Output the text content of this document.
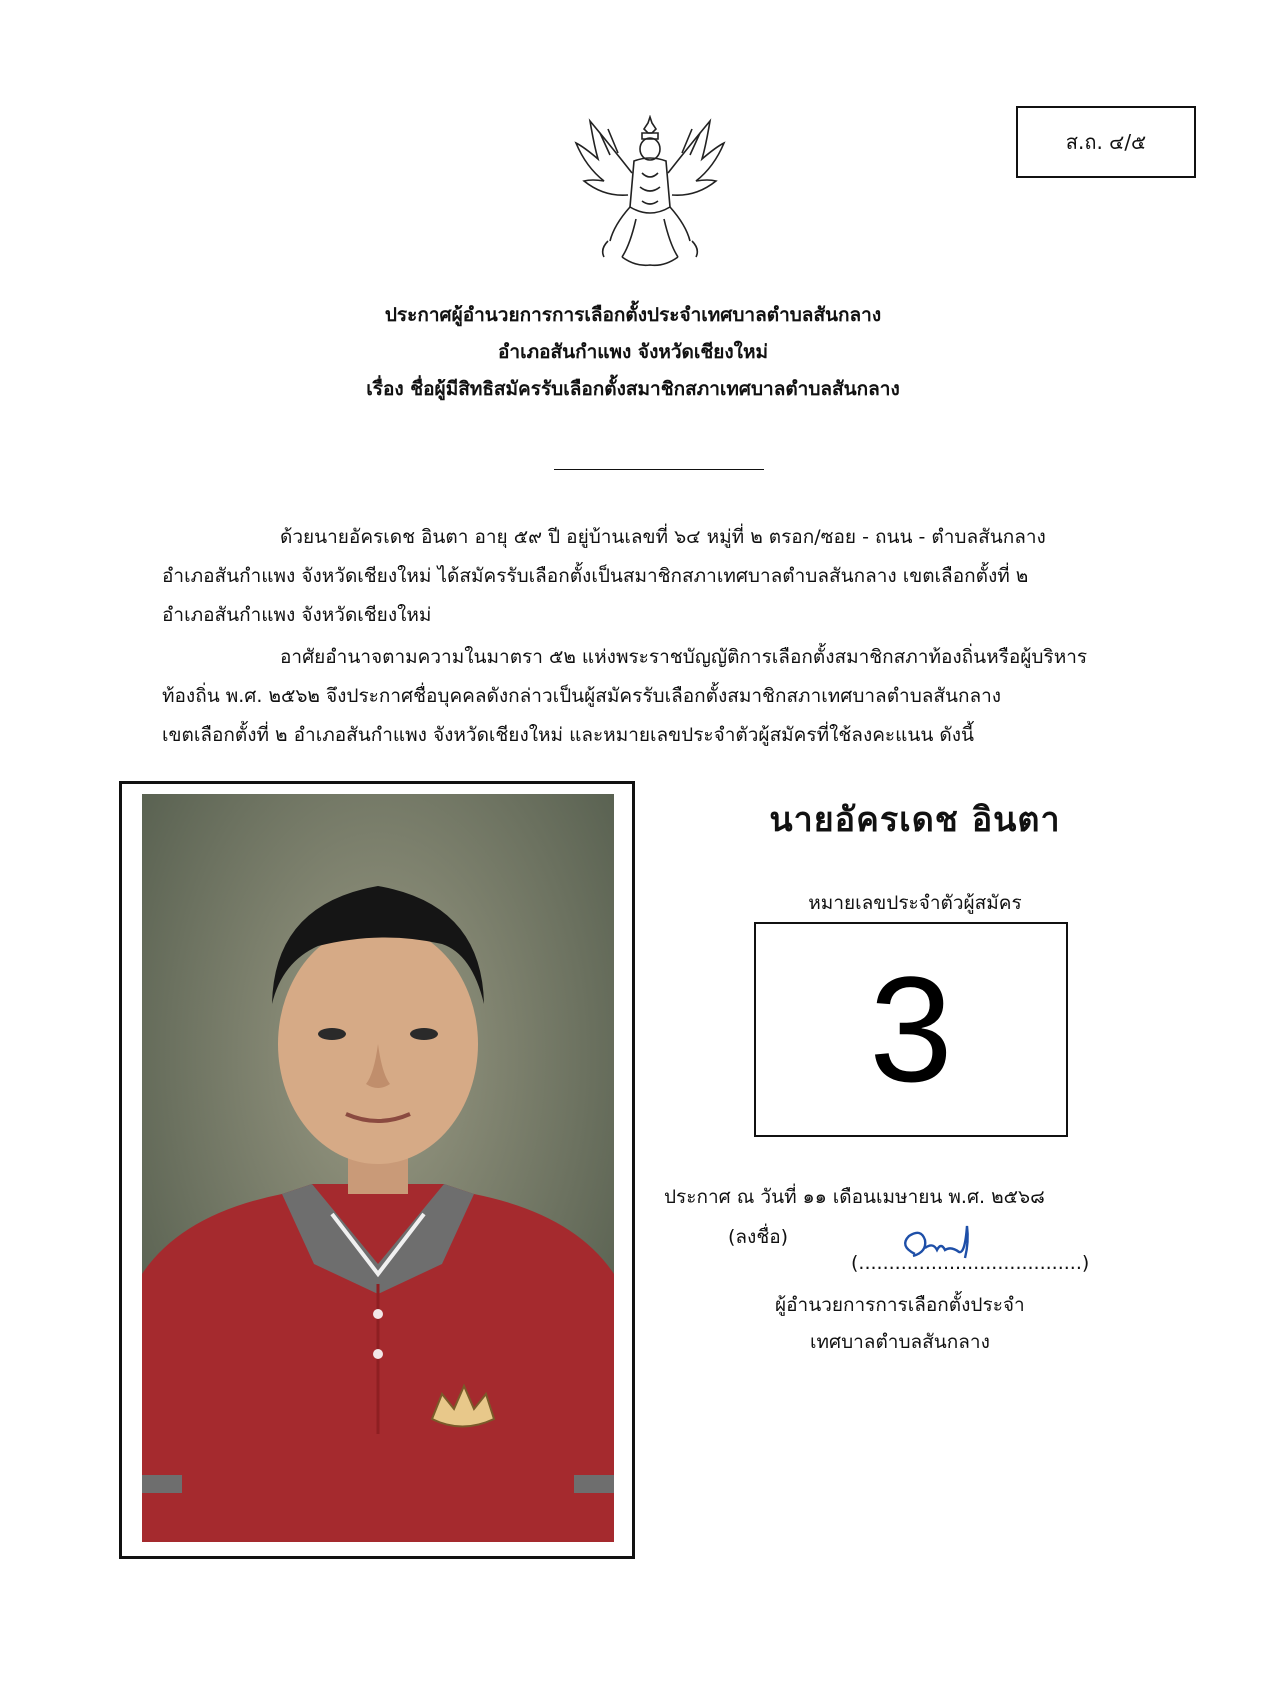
ส.ถ. ๔/๕
ประกาศผู้อำนวยการการเลือกตั้งประจำเทศบาลตำบลสันกลาง
อำเภอสันกำแพง จังหวัดเชียงใหม่
เรื่อง ชื่อผู้มีสิทธิสมัครรับเลือกตั้งสมาชิกสภาเทศบาลตำบลสันกลาง
ด้วยนายอัครเดช อินตา อายุ ๕๙ ปี อยู่บ้านเลขที่ ๖๔ หมู่ที่ ๒ ตรอก/ซอย - ถนน - ตำบลสันกลาง
อำเภอสันกำแพง จังหวัดเชียงใหม่ ได้สมัครรับเลือกตั้งเป็นสมาชิกสภาเทศบาลตำบลสันกลาง เขตเลือกตั้งที่ ๒
อำเภอสันกำแพง จังหวัดเชียงใหม่
อาศัยอำนาจตามความในมาตรา ๕๒ แห่งพระราชบัญญัติการเลือกตั้งสมาชิกสภาท้องถิ่นหรือผู้บริหาร
ท้องถิ่น พ.ศ. ๒๕๖๒ จึงประกาศชื่อบุคคลดังกล่าวเป็นผู้สมัครรับเลือกตั้งสมาชิกสภาเทศบาลตำบลสันกลาง
เขตเลือกตั้งที่ ๒ อำเภอสันกำแพง จังหวัดเชียงใหม่ และหมายเลขประจำตัวผู้สมัครที่ใช้ลงคะแนน ดังนี้
นายอัครเดช อินตา
หมายเลขประจำตัวผู้สมัคร
3
ประกาศ ณ วันที่ ๑๑ เดือนเมษายน พ.ศ. ๒๕๖๘
(ลงชื่อ)
(.....................................)
ผู้อำนวยการการเลือกตั้งประจำ
เทศบาลตำบลสันกลาง
